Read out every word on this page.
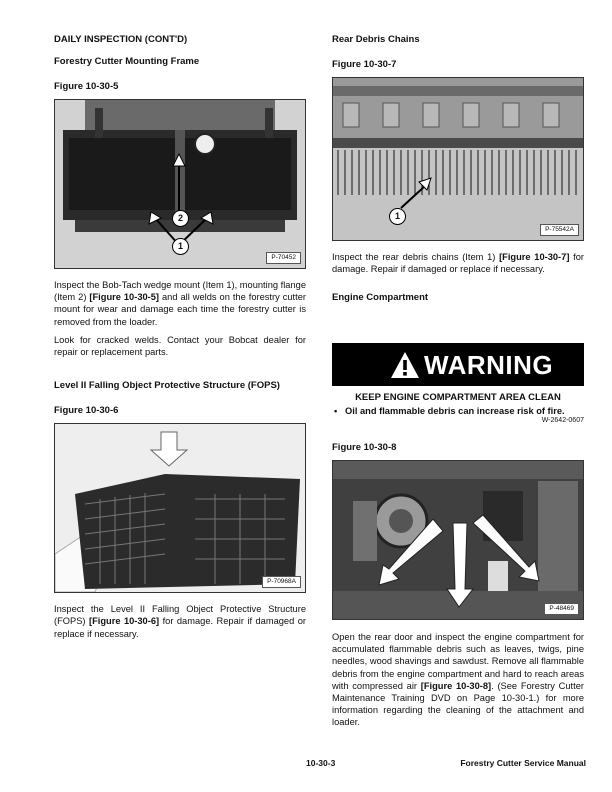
DAILY INSPECTION (CONT'D)
Forestry Cutter Mounting Frame
Figure 10-30-5
2
1
P-70452

Inspect the Bob-Tach wedge mount (Item 1), mounting flange (Item 2) [Figure 10-30-5] and all welds on the forestry cutter mount for wear and damage each time the forestry cutter is removed from the loader.

Look for cracked welds. Contact your Bobcat dealer for repair or replacement parts.

Level II Falling Object Protective Structure (FOPS)
Figure 10-30-6
P-70968A

Inspect the Level II Falling Object Protective Structure (FOPS) [Figure 10-30-6] for damage. Repair if damaged or replace if necessary.

Rear Debris Chains
Figure 10-30-7
1
P-75542A

Inspect the rear debris chains (Item 1) [Figure 10-30-7] for damage. Repair if damaged or replace if necessary.

Engine Compartment
WARNING
KEEP ENGINE COMPARTMENT AREA CLEAN
•   Oil and flammable debris can increase risk of fire.
W-2642-0607
Figure 10-30-8
P-48469

Open the rear door and inspect the engine compartment for accumulated flammable debris such as leaves, twigs, pine needles, wood shavings and sawdust. Remove all flammable debris from the engine compartment and hard to reach areas with compressed air [Figure 10-30-8]. (See Forestry Cutter Maintenance Training DVD on Page 10-30-1.) for more information regarding the cleaning of the attachment and loader.

10-30-3	Forestry Cutter Service Manual
